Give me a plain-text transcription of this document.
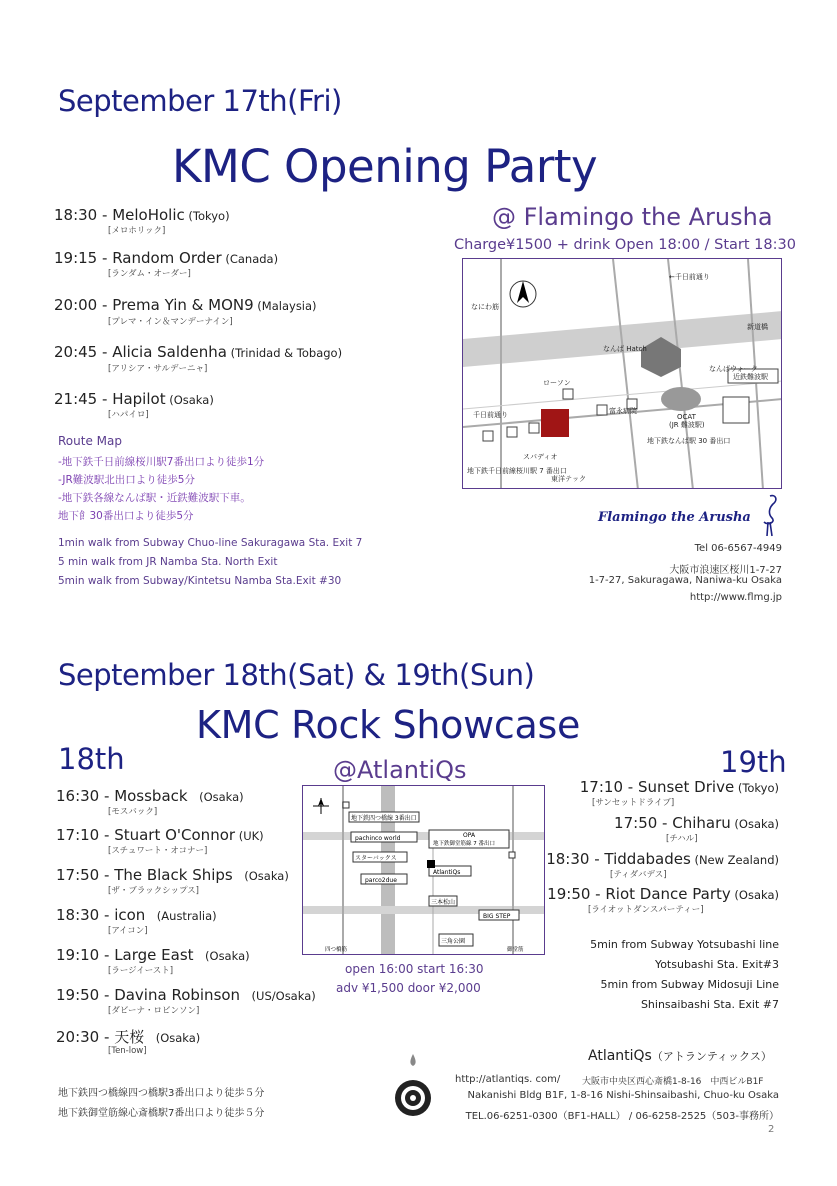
September 17th(Fri)
KMC Opening Party
@ Flamingo the Arusha
Charge¥1500 + drink Open 18:00 / Start 18:30
18:30 - MeloHolic (Tokyo)
[メロホリック]
19:15 - Random Order (Canada)
[ランダム・オーダー]
20:00 - Prema Yin & MON9 (Malaysia)
[プレマ・イン＆マンデーナイン]
20:45 - Alicia Saldenha (Trinidad & Tobago)
[アリシア・サルデーニャ]
21:45 - Hapilot (Osaka)
[ハパイロ]
Route Map
-地下鉄千日前線桜川駅7番出口より徒歩1分
-JR難波駅北出口より徒歩5分
-地下鉄各線なんば駅・近鉄難波駅下車。
地下飠30番出口より徒歩5分
1min walk from Subway Chuo-line Sakuragawa Sta. Exit 7
5 min walk from JR Namba Sta. North Exit
5min walk from Subway/Kintetsu Namba Sta.Exit #30
なにわ筋
←千日前通り
新道橋
なんば Hatch
ローソン
千日前通り
スパディオ
富永病院
OCAT
(JR 難波駅)
なんばウォーク
近鉄難波駅
地下鉄なんば駅 30 番出口
地下鉄千日前線桜川駅 7 番出口
東洋テック
Flamingo the Arusha
Tel 06-6567-4949
大阪市浪速区桜川1-7-27
1-7-27, Sakuragawa, Naniwa-ku Osaka
http://www.flmg.jp
September 18th(Sat) & 19th(Sun)
KMC Rock Showcase
18th	19th
@AtlantiQs
16:30 - Mossback　(Osaka)
[モスバック]
17:10 - Stuart O'Connor (UK)
[スチュワート・オコナー]
17:50 - The Black Ships　(Osaka)
[ザ・ブラックシップス]
18:30 - icon　(Australia)
[アイコン]
19:10 - Large East　(Osaka)
[ラージイースト]
19:50 - Davina Robinson　(US/Osaka)
[ダビーナ・ロビンソン]
20:30 - 天桜　(Osaka)
[Ten-low]
17:10 - Sunset Drive (Tokyo)
[サンセットドライブ]
17:50 - Chiharu (Osaka)
[チハル]
18:30 - Tiddabades (New Zealand)
[ティダバデス]
19:50 - Riot Dance Party (Osaka)
[ライオットダンスパーティー]
地下鉄四つ橋線 3番出口
pachinco world	OPA
地下鉄御堂筋線 7 番出口
スターバックス
AtlantiQs
parco2due
三本松山
BIG STEP
三角公園
四つ橋筋	御堂筋
open 16:00 start 16:30
adv ¥1,500 door ¥2,000
5min from Subway Yotsubashi line
Yotsubashi Sta. Exit#3
5min from Subway Midosuji Line
Shinsaibashi Sta. Exit #7
地下鉄四つ橋線四つ橋駅3番出口より徒歩５分
地下鉄御堂筋線心斎橋駅7番出口より徒歩５分
AtlantiQs（アトランティックス）
http://atlantiqs. com/ 大阪市中央区西心斎橋1-8-16　中西ビルB1F
Nakanishi Bldg B1F, 1-8-16 Nishi-Shinsaibashi, Chuo-ku Osaka
TEL.06-6251-0300（BF1-HALL） / 06-6258-2525（503-事務所）
2
